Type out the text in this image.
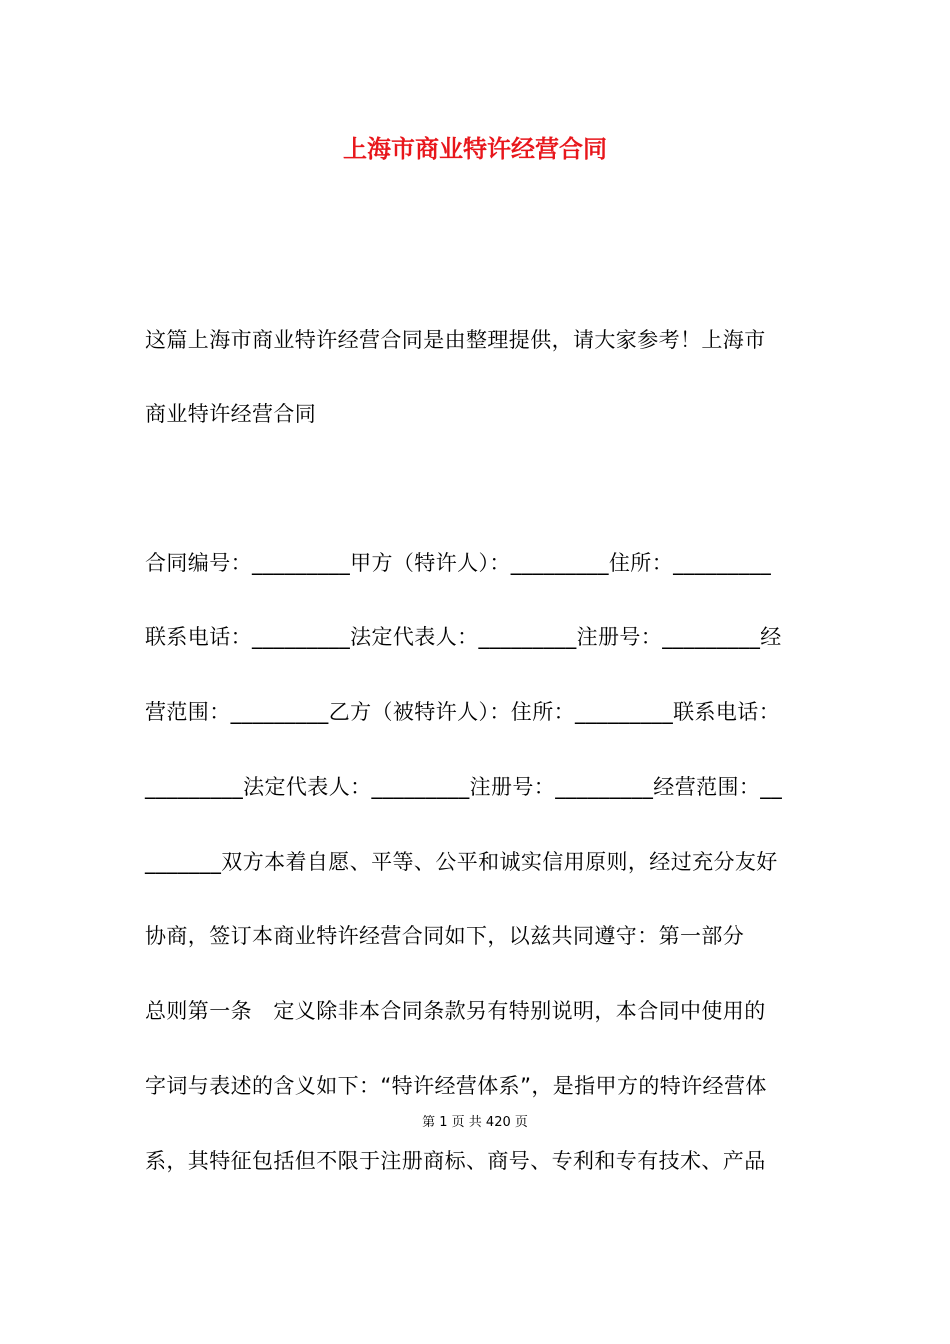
上海市商业特许经营合同
这篇上海市商业特许经营合同是由整理提供，请大家参考！上海市
商业特许经营合同
合同编号：_________甲方（特许人）：_________住所：_________
联系电话：_________法定代表人：_________注册号：_________经
营范围：_________乙方（被特许人）：住所：_________联系电话：
_________法定代表人：_________注册号：_________经营范围：__
_______双方本着自愿、平等、公平和诚实信用原则，经过充分友好
协商，签订本商业特许经营合同如下，以兹共同遵守：第一部分
总则第一条　定义除非本合同条款另有特别说明，本合同中使用的
字词与表述的含义如下：“特许经营体系”，是指甲方的特许经营体
第 1 页 共 420 页
系，其特征包括但不限于注册商标、商号、专利和专有技术、产品
